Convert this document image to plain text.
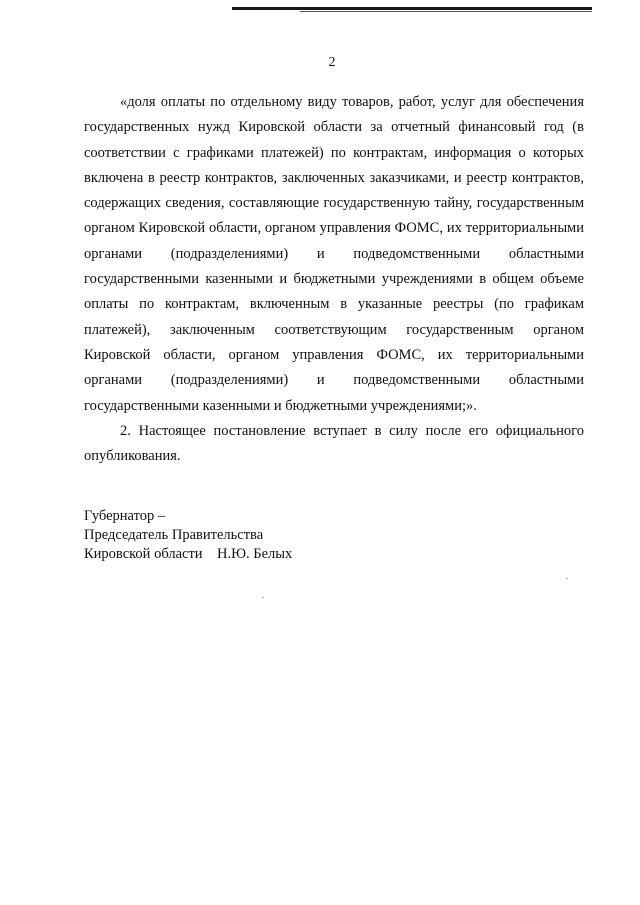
2

«доля оплаты по отдельному виду товаров, работ, услуг для обеспечения государственных нужд Кировской области за отчетный финансовый год (в соответствии с графиками платежей) по контрактам, информация о которых включена в реестр контрактов, заключенных заказчиками, и реестр контрактов, содержащих сведения, составляющие государственную тайну, государственным органом Кировской области, органом управления ФОМС, их территориальными органами (подразделениями) и подведомственными областными государственными казенными и бюджетными учреждениями в общем объеме оплаты по контрактам, включенным в указанные реестры (по графикам платежей), заключенным соответствующим государственным органом Кировской области, органом управления ФОМС, их территориальными органами (подразделениями) и подведомственными областными государственными казенными и бюджетными учреждениями;».

2. Настоящее постановление вступает в силу после его официального опубликования.

Губернатор –
Председатель Правительства
Кировской области    Н.Ю. Белых
